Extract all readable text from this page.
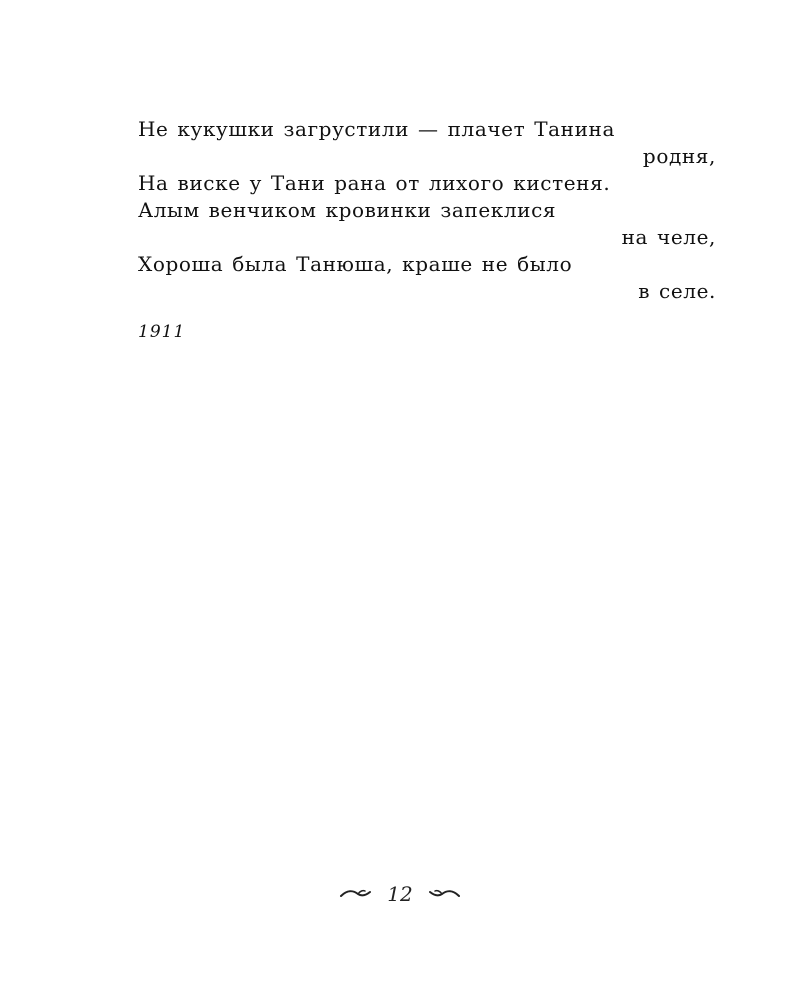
Не кукушки загрустили — плачет Танина
родня,
На виске у Тани рана от лихого кистеня.
Алым венчиком кровинки запеклися
на челе,
Хороша была Танюша, краше не было
в селе.
1911
12
